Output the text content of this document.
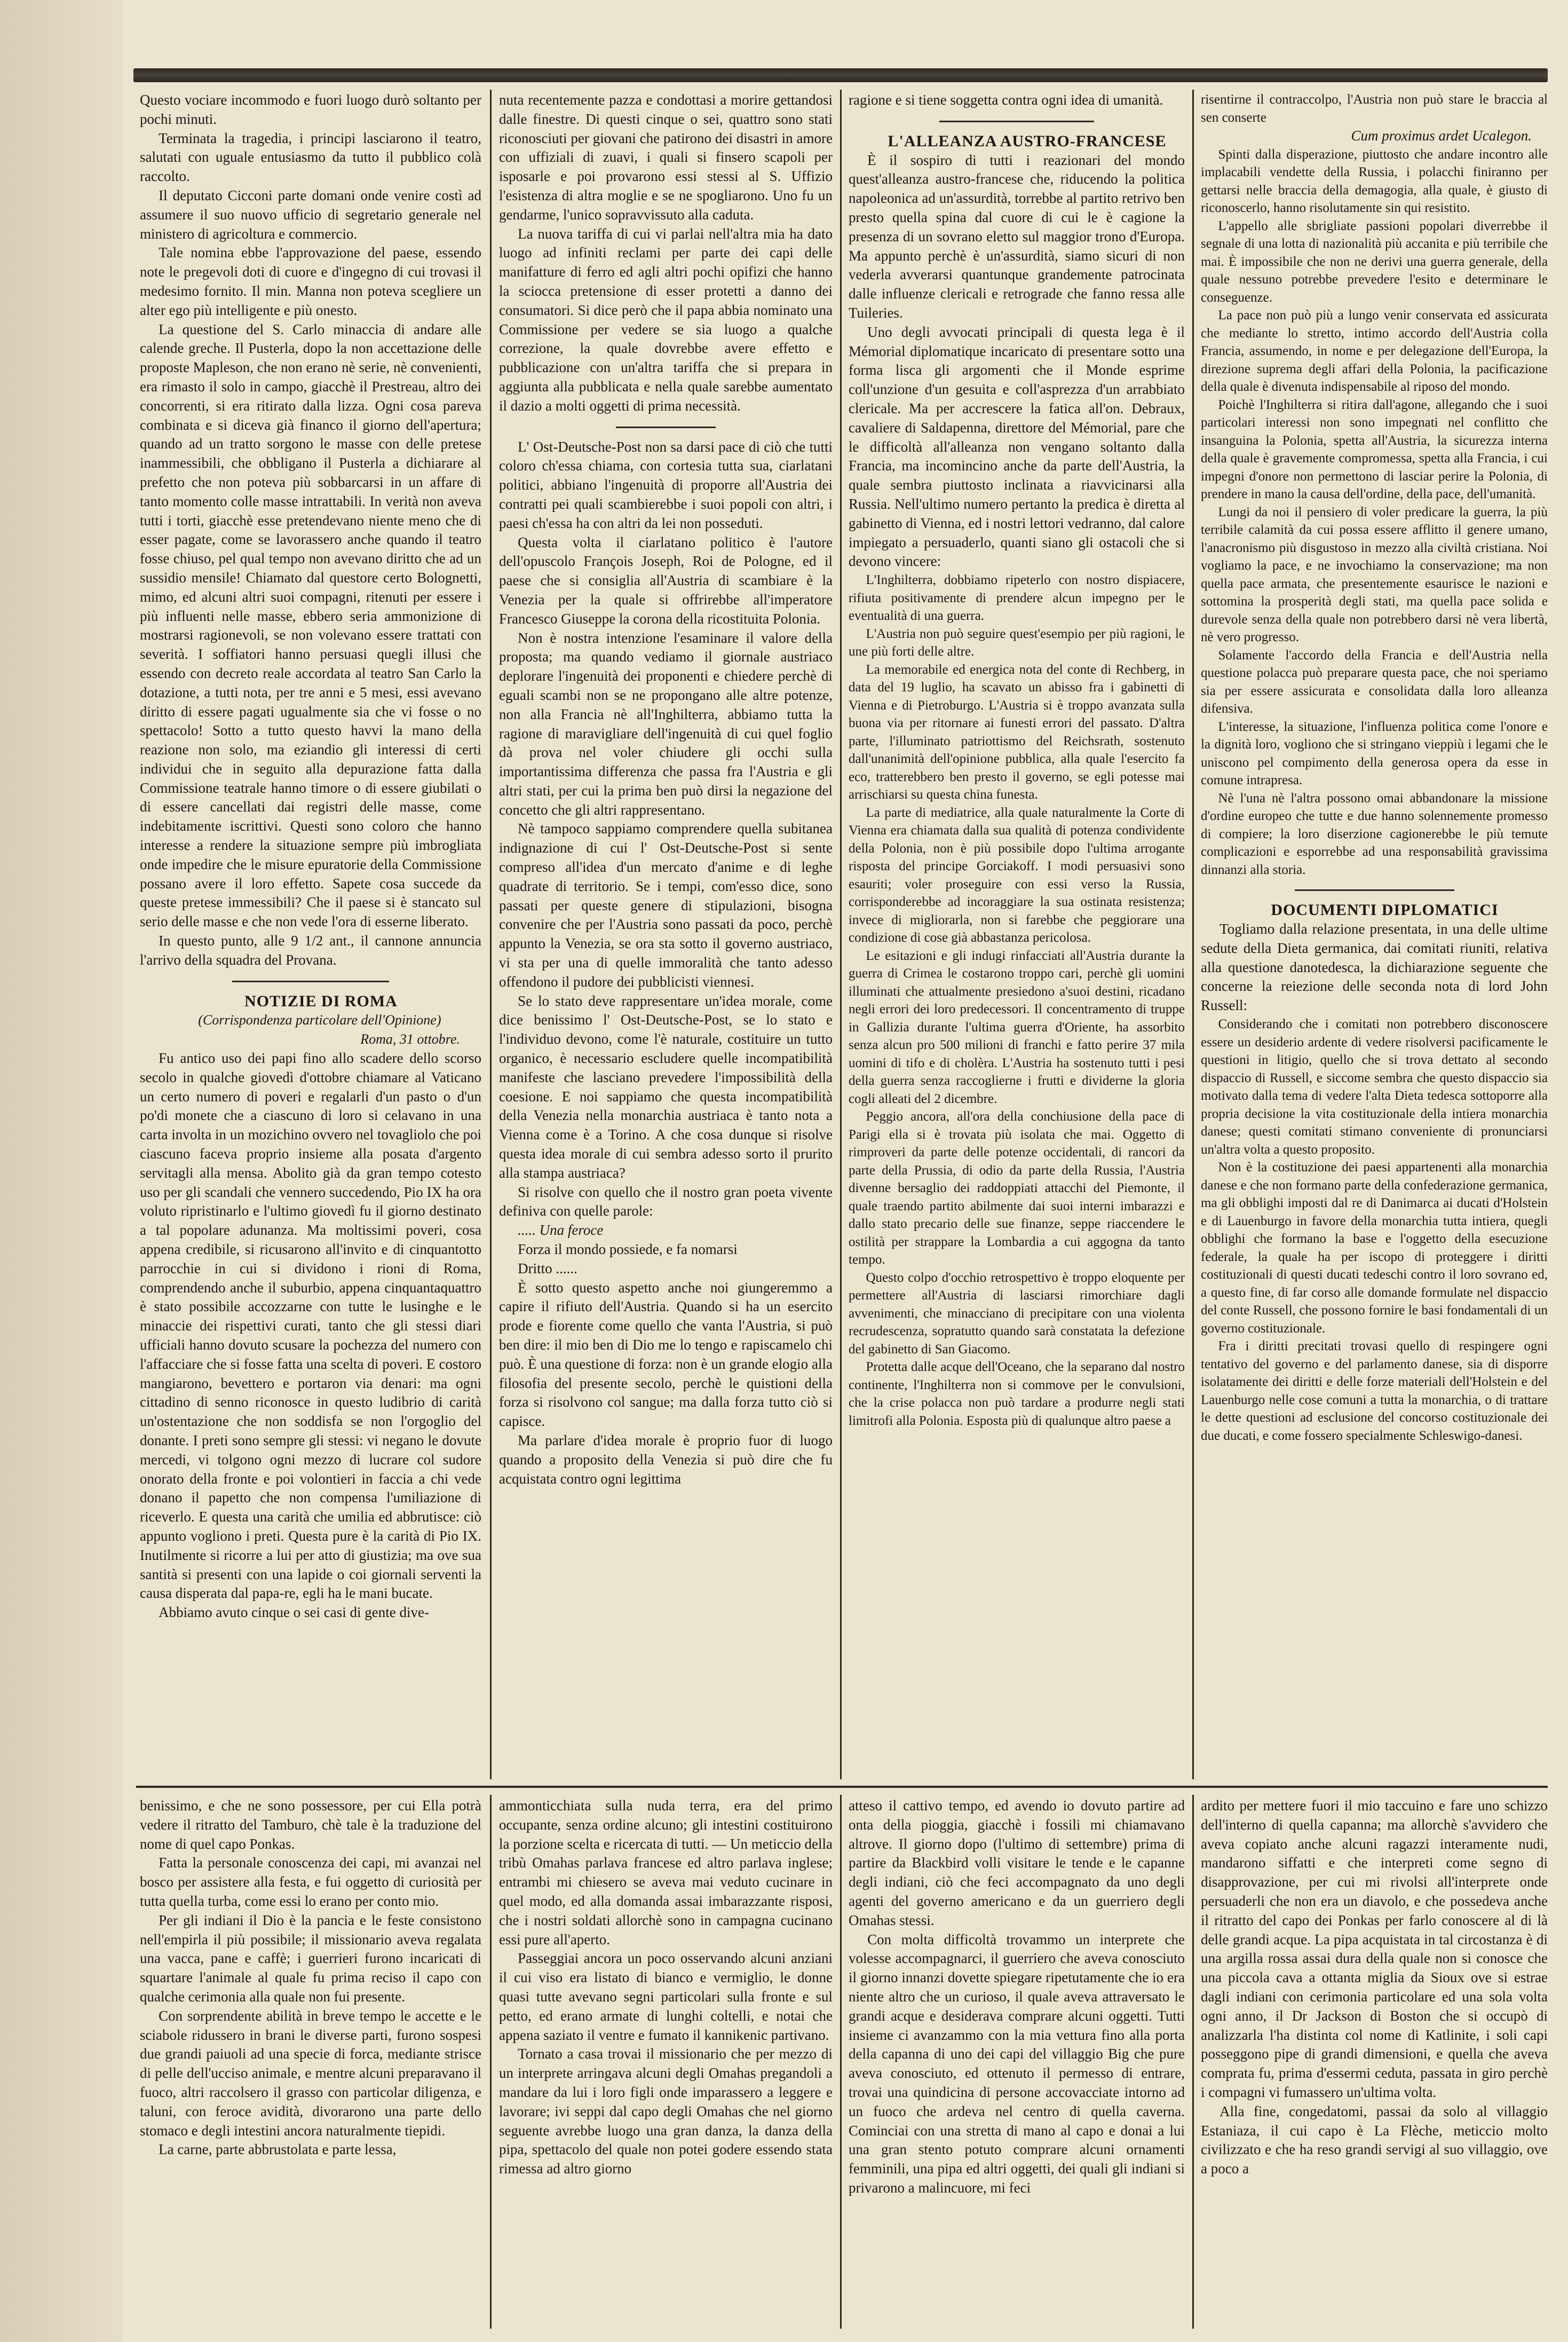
Questo vociare incommodo e fuori luogo durò soltanto per pochi minuti.

Terminata la tragedia, i principi lasciarono il teatro, salutati con uguale entusiasmo da tutto il pubblico colà raccolto.

Il deputato Cicconi parte domani onde venire costì ad assumere il suo nuovo ufficio di segretario generale nel ministero di agricoltura e commercio.

Tale nomina ebbe l'approvazione del paese, essendo note le pregevoli doti di cuore e d'ingegno di cui trovasi il medesimo fornito. Il min. Manna non poteva scegliere un alter ego più intelligente e più onesto.

La questione del S. Carlo minaccia di andare alle calende greche. Il Pusterla, dopo la non accettazione delle proposte Mapleson, che non erano nè serie, nè convenienti, era rimasto il solo in campo, giacchè il Prestreau, altro dei concorrenti, si era ritirato dalla lizza. Ogni cosa pareva combinata e si diceva già financo il giorno dell'apertura; quando ad un tratto sorgono le masse con delle pretese inammessibili, che obbligano il Pusterla a dichiarare al prefetto che non poteva più sobbarcarsi in un affare di tanto momento colle masse intrattabili. In verità non aveva tutti i torti, giacchè esse pretendevano niente meno che di esser pagate, come se lavorassero anche quando il teatro fosse chiuso, pel qual tempo non avevano diritto che ad un sussidio mensile! Chiamato dal questore certo Bolognetti, mimo, ed alcuni altri suoi compagni, ritenuti per essere i più influenti nelle masse, ebbero seria ammonizione di mostrarsi ragionevoli, se non volevano essere trattati con severità. I soffiatori hanno persuasi quegli illusi che essendo con decreto reale accordata al teatro San Carlo la dotazione, a tutti nota, per tre anni e 5 mesi, essi avevano diritto di essere pagati ugualmente sia che vi fosse o no spettacolo! Sotto a tutto questo havvi la mano della reazione non solo, ma eziandio gli interessi di certi individui che in seguito alla depurazione fatta dalla Commissione teatrale hanno timore o di essere giubilati o di essere cancellati dai registri delle masse, come indebitamente iscrittivi. Questi sono coloro che hanno interesse a rendere la situazione sempre più imbrogliata onde impedire che le misure epuratorie della Commissione possano avere il loro effetto. Sapete cosa succede da queste pretese immessibili? Che il paese si è stancato sul serio delle masse e che non vede l'ora di esserne liberato.

In questo punto, alle 9 1/2 ant., il cannone annuncia l'arrivo della squadra del Provana.

NOTIZIE DI ROMA

(Corrispondenza particolare dell'Opinione)

Roma, 31 ottobre.

Fu antico uso dei papi fino allo scadere dello scorso secolo in qualche giovedì d'ottobre chiamare al Vaticano un certo numero di poveri e regalarli d'un pasto o d'un po'di monete che a ciascuno di loro si celavano in una carta involta in un mozichino ovvero nel tovagliolo che poi ciascuno faceva proprio insieme alla posata d'argento servitagli alla mensa. Abolito già da gran tempo cotesto uso per gli scandali che vennero succedendo, Pio IX ha ora voluto ripristinarlo e l'ultimo giovedì fu il giorno destinato a tal popolare adunanza. Ma moltissimi poveri, cosa appena credibile, si ricusarono all'invito e di cinquantotto parrocchie in cui si dividono i rioni di Roma, comprendendo anche il suburbio, appena cinquantaquattro è stato possibile accozzarne con tutte le lusinghe e le minaccie dei rispettivi curati, tanto che gli stessi diari ufficiali hanno dovuto scusare la pochezza del numero con l'affacciare che si fosse fatta una scelta di poveri. E costoro mangiarono, bevettero e portaron via denari: ma ogni cittadino di senno riconosce in questo ludibrio di carità un'ostentazione che non soddisfa se non l'orgoglio del donante. I preti sono sempre gli stessi: vi negano le dovute mercedi, vi tolgono ogni mezzo di lucrare col sudore onorato della fronte e poi volontieri in faccia a chi vede donano il papetto che non compensa l'umiliazione di riceverlo. E questa una carità che umilia ed abbrutisce: ciò appunto vogliono i preti. Questa pure è la carità di Pio IX. Inutilmente si ricorre a lui per atto di giustizia; ma ove sua santità si presenti con una lapide o coi giornali serventi la causa disperata dal papa-re, egli ha le mani bucate.

Abbiamo avuto cinque o sei casi di gente dive-

nuta recentemente pazza e condottasi a morire gettandosi dalle finestre. Di questi cinque o sei, quattro sono stati riconosciuti per giovani che patirono dei disastri in amore con uffiziali di zuavi, i quali si finsero scapoli per isposarle e poi provarono essi stessi al S. Uffizio l'esistenza di altra moglie e se ne spogliarono. Uno fu un gendarme, l'unico sopravvissuto alla caduta.

La nuova tariffa di cui vi parlai nell'altra mia ha dato luogo ad infiniti reclami per parte dei capi delle manifatture di ferro ed agli altri pochi opifizi che hanno la sciocca pretensione di esser protetti a danno dei consumatori. Si dice però che il papa abbia nominato una Commissione per vedere se sia luogo a qualche correzione, la quale dovrebbe avere effetto e pubblicazione con un'altra tariffa che si prepara in aggiunta alla pubblicata e nella quale sarebbe aumentato il dazio a molti oggetti di prima necessità.

L' Ost-Deutsche-Post non sa darsi pace di ciò che tutti coloro ch'essa chiama, con cortesia tutta sua, ciarlatani politici, abbiano l'ingenuità di proporre all'Austria dei contratti pei quali scambierebbe i suoi popoli con altri, i paesi ch'essa ha con altri da lei non posseduti.

Questa volta il ciarlatano politico è l'autore dell'opuscolo François Joseph, Roi de Pologne, ed il paese che si consiglia all'Austria di scambiare è la Venezia per la quale si offrirebbe all'imperatore Francesco Giuseppe la corona della ricostituita Polonia.

Non è nostra intenzione l'esaminare il valore della proposta; ma quando vediamo il giornale austriaco deplorare l'ingenuità dei proponenti e chiedere perchè di eguali scambi non se ne propongano alle altre potenze, non alla Francia nè all'Inghilterra, abbiamo tutta la ragione di maravigliare dell'ingenuità di cui quel foglio dà prova nel voler chiudere gli occhi sulla importantissima differenza che passa fra l'Austria e gli altri stati, per cui la prima ben può dirsi la negazione del concetto che gli altri rappresentano.

Nè tampoco sappiamo comprendere quella subitanea indignazione di cui l' Ost-Deutsche-Post si sente compreso all'idea d'un mercato d'anime e di leghe quadrate di territorio. Se i tempi, com'esso dice, sono passati per queste genere di stipulazioni, bisogna convenire che per l'Austria sono passati da poco, perchè appunto la Venezia, se ora sta sotto il governo austriaco, vi sta per una di quelle immoralità che tanto adesso offendono il pudore dei pubblicisti viennesi.

Se lo stato deve rappresentare un'idea morale, come dice benissimo l' Ost-Deutsche-Post, se lo stato e l'individuo devono, come l'è naturale, costituire un tutto organico, è necessario escludere quelle incompatibilità manifeste che lasciano prevedere l'impossibilità della coesione. E noi sappiamo che questa incompatibilità della Venezia nella monarchia austriaca è tanto nota a Vienna come è a Torino. A che cosa dunque si risolve questa idea morale di cui sembra adesso sorto il prurito alla stampa austriaca?

Si risolve con quello che il nostro gran poeta vivente definiva con quelle parole:

..... Una feroce

Forza il mondo possiede, e fa nomarsi

Dritto ......

È sotto questo aspetto anche noi giungeremmo a capire il rifiuto dell'Austria. Quando si ha un esercito prode e fiorente come quello che vanta l'Austria, si può ben dire: il mio ben di Dio me lo tengo e rapiscamelo chi può. È una questione di forza: non è un grande elogio alla filosofia del presente secolo, perchè le quistioni della forza si risolvono col sangue; ma dalla forza tutto ciò si capisce.

Ma parlare d'idea morale è proprio fuor di luogo quando a proposito della Venezia si può dire che fu acquistata contro ogni legittima

ragione e si tiene soggetta contra ogni idea di umanità.

L'ALLEANZA AUSTRO-FRANCESE

È il sospiro di tutti i reazionari del mondo quest'alleanza austro-francese che, riducendo la politica napoleonica ad un'assurdità, torrebbe al partito retrivo ben presto quella spina dal cuore di cui le è cagione la presenza di un sovrano eletto sul maggior trono d'Europa. Ma appunto perchè è un'assurdità, siamo sicuri di non vederla avverarsi quantunque grandemente patrocinata dalle influenze clericali e retrograde che fanno ressa alle Tuileries.

Uno degli avvocati principali di questa lega è il Mémorial diplomatique incaricato di presentare sotto una forma lisca gli argomenti che il Monde esprime coll'unzione d'un gesuita e coll'asprezza d'un arrabbiato clericale. Ma per accrescere la fatica all'on. Debraux, cavaliere di Saldapenna, direttore del Mémorial, pare che le difficoltà all'alleanza non vengano soltanto dalla Francia, ma incomincino anche da parte dell'Austria, la quale sembra piuttosto inclinata a riavvicinarsi alla Russia. Nell'ultimo numero pertanto la predica è diretta al gabinetto di Vienna, ed i nostri lettori vedranno, dal calore impiegato a persuaderlo, quanti siano gli ostacoli che si devono vincere:

L'Inghilterra, dobbiamo ripeterlo con nostro dispiacere, rifiuta positivamente di prendere alcun impegno per le eventualità di una guerra.

L'Austria non può seguire quest'esempio per più ragioni, le une più forti delle altre.

La memorabile ed energica nota del conte di Rechberg, in data del 19 luglio, ha scavato un abisso fra i gabinetti di Vienna e di Pietroburgo. L'Austria si è troppo avanzata sulla buona via per ritornare ai funesti errori del passato. D'altra parte, l'illuminato patriottismo del Reichsrath, sostenuto dall'unanimità dell'opinione pubblica, alla quale l'esercito fa eco, tratterebbero ben presto il governo, se egli potesse mai arrischiarsi su questa china funesta.

La parte di mediatrice, alla quale naturalmente la Corte di Vienna era chiamata dalla sua qualità di potenza condividente della Polonia, non è più possibile dopo l'ultima arrogante risposta del principe Gorciakoff. I modi persuasivi sono esauriti; voler proseguire con essi verso la Russia, corrisponderebbe ad incoraggiare la sua ostinata resistenza; invece di migliorarla, non si farebbe che peggiorare una condizione di cose già abbastanza pericolosa.

Le esitazioni e gli indugi rinfacciati all'Austria durante la guerra di Crimea le costarono troppo cari, perchè gli uomini illuminati che attualmente presiedono a'suoi destini, ricadano negli errori dei loro predecessori. Il concentramento di truppe in Gallizia durante l'ultima guerra d'Oriente, ha assorbito senza alcun pro 500 milioni di franchi e fatto perire 37 mila uomini di tifo e di cholèra. L'Austria ha sostenuto tutti i pesi della guerra senza raccoglierne i frutti e dividerne la gloria cogli alleati del 2 dicembre.

Peggio ancora, all'ora della conchiusione della pace di Parigi ella si è trovata più isolata che mai. Oggetto di rimproveri da parte delle potenze occidentali, di rancori da parte della Prussia, di odio da parte della Russia, l'Austria divenne bersaglio dei raddoppiati attacchi del Piemonte, il quale traendo partito abilmente dai suoi interni imbarazzi e dallo stato precario delle sue finanze, seppe riaccendere le ostilità per strappare la Lombardia a cui aggogna da tanto tempo.

Questo colpo d'occhio retrospettivo è troppo eloquente per permettere all'Austria di lasciarsi rimorchiare dagli avvenimenti, che minacciano di precipitare con una violenta recrudescenza, sopratutto quando sarà constatata la defezione del gabinetto di San Giacomo.

Protetta dalle acque dell'Oceano, che la separano dal nostro continente, l'Inghilterra non si commove per le convulsioni, che la crise polacca non può tardare a produrre negli stati limitrofi alla Polonia. Esposta più di qualunque altro paese a

risentirne il contraccolpo, l'Austria non può stare le braccia al sen conserte

Cum proximus ardet Ucalegon.

Spinti dalla disperazione, piuttosto che andare incontro alle implacabili vendette della Russia, i polacchi finiranno per gettarsi nelle braccia della demagogia, alla quale, è giusto di riconoscerlo, hanno risolutamente sin qui resistito.

L'appello alle sbrigliate passioni popolari diverrebbe il segnale di una lotta di nazionalità più accanita e più terribile che mai. È impossibile che non ne derivi una guerra generale, della quale nessuno potrebbe prevedere l'esito e determinare le conseguenze.

La pace non può più a lungo venir conservata ed assicurata che mediante lo stretto, intimo accordo dell'Austria colla Francia, assumendo, in nome e per delegazione dell'Europa, la direzione suprema degli affari della Polonia, la pacificazione della quale è divenuta indispensabile al riposo del mondo.

Poichè l'Inghilterra si ritira dall'agone, allegando che i suoi particolari interessi non sono impegnati nel conflitto che insanguina la Polonia, spetta all'Austria, la sicurezza interna della quale è gravemente compromessa, spetta alla Francia, i cui impegni d'onore non permettono di lasciar perire la Polonia, di prendere in mano la causa dell'ordine, della pace, dell'umanità.

Lungi da noi il pensiero di voler predicare la guerra, la più terribile calamità da cui possa essere afflitto il genere umano, l'anacronismo più disgustoso in mezzo alla civiltà cristiana. Noi vogliamo la pace, e ne invochiamo la conservazione; ma non quella pace armata, che presentemente esaurisce le nazioni e sottomina la prosperità degli stati, ma quella pace solida e durevole senza della quale non potrebbero darsi nè vera libertà, nè vero progresso.

Solamente l'accordo della Francia e dell'Austria nella questione polacca può preparare questa pace, che noi speriamo sia per essere assicurata e consolidata dalla loro alleanza difensiva.

L'interesse, la situazione, l'influenza politica come l'onore e la dignità loro, vogliono che si stringano vieppiù i legami che le uniscono pel compimento della generosa opera da esse in comune intrapresa.

Nè l'una nè l'altra possono omai abbandonare la missione d'ordine europeo che tutte e due hanno solennemente promesso di compiere; la loro diserzione cagionerebbe le più temute complicazioni e esporrebbe ad una responsabilità gravissima dinnanzi alla storia.

DOCUMENTI DIPLOMATICI

Togliamo dalla relazione presentata, in una delle ultime sedute della Dieta germanica, dai comitati riuniti, relativa alla questione danotedesca, la dichiarazione seguente che concerne la reiezione delle seconda nota di lord John Russell:

Considerando che i comitati non potrebbero disconoscere essere un desiderio ardente di vedere risolversi pacificamente le questioni in litigio, quello che si trova dettato al secondo dispaccio di Russell, e siccome sembra che questo dispaccio sia motivato dalla tema di vedere l'alta Dieta tedesca sottoporre alla propria decisione la vita costituzionale della intiera monarchia danese; questi comitati stimano conveniente di pronunciarsi un'altra volta a questo proposito.

Non è la costituzione dei paesi appartenenti alla monarchia danese e che non formano parte della confederazione germanica, ma gli obblighi imposti dal re di Danimarca ai ducati d'Holstein e di Lauenburgo in favore della monarchia tutta intiera, quegli obblighi che formano la base e l'oggetto della esecuzione federale, la quale ha per iscopo di proteggere i diritti costituzionali di questi ducati tedeschi contro il loro sovrano ed, a questo fine, di far corso alle domande formulate nel dispaccio del conte Russell, che possono fornire le basi fondamentali di un governo costituzionale.

Fra i diritti precitati trovasi quello di respingere ogni tentativo del governo e del parlamento danese, sia di disporre isolatamente dei diritti e delle forze materiali dell'Holstein e del Lauenburgo nelle cose comuni a tutta la monarchia, o di trattare le dette questioni ad esclusione del concorso costituzionale dei due ducati, e come fossero specialmente Schleswigo-danesi.

benissimo, e che ne sono possessore, per cui Ella potrà vedere il ritratto del Tamburo, chè tale è la traduzione del nome di quel capo Ponkas.

Fatta la personale conoscenza dei capi, mi avanzai nel bosco per assistere alla festa, e fui oggetto di curiosità per tutta quella turba, come essi lo erano per conto mio.

Per gli indiani il Dio è la pancia e le feste consistono nell'empirla il più possibile; il missionario aveva regalata una vacca, pane e caffè; i guerrieri furono incaricati di squartare l'animale al quale fu prima reciso il capo con qualche cerimonia alla quale non fui presente.

Con sorprendente abilità in breve tempo le accette e le sciabole ridussero in brani le diverse parti, furono sospesi due grandi paiuoli ad una specie di forca, mediante strisce di pelle dell'ucciso animale, e mentre alcuni preparavano il fuoco, altri raccolsero il grasso con particolar diligenza, e taluni, con feroce avidità, divorarono una parte dello stomaco e degli intestini ancora naturalmente tiepidi.

La carne, parte abbrustolata e parte lessa,

ammonticchiata sulla nuda terra, era del primo occupante, senza ordine alcuno; gli intestini costituirono la porzione scelta e ricercata di tutti. — Un meticcio della tribù Omahas parlava francese ed altro parlava inglese; entrambi mi chiesero se aveva mai veduto cucinare in quel modo, ed alla domanda assai imbarazzante risposi, che i nostri soldati allorchè sono in campagna cucinano essi pure all'aperto.

Passeggiai ancora un poco osservando alcuni anziani il cui viso era listato di bianco e vermiglio, le donne quasi tutte avevano segni particolari sulla fronte e sul petto, ed erano armate di lunghi coltelli, e notai che appena saziato il ventre e fumato il kannikenic partivano.

Tornato a casa trovai il missionario che per mezzo di un interprete arringava alcuni degli Omahas pregandoli a mandare da lui i loro figli onde imparassero a leggere e lavorare; ivi seppi dal capo degli Omahas che nel giorno seguente avrebbe luogo una gran danza, la danza della pipa, spettacolo del quale non potei godere essendo stata rimessa ad altro giorno

atteso il cattivo tempo, ed avendo io dovuto partire ad onta della pioggia, giacchè i fossili mi chiamavano altrove. Il giorno dopo (l'ultimo di settembre) prima di partire da Blackbird volli visitare le tende e le capanne degli indiani, ciò che feci accompagnato da uno degli agenti del governo americano e da un guerriero degli Omahas stessi.

Con molta difficoltà trovammo un interprete che volesse accompagnarci, il guerriero che aveva conosciuto il giorno innanzi dovette spiegare ripetutamente che io era niente altro che un curioso, il quale aveva attraversato le grandi acque e desiderava comprare alcuni oggetti. Tutti insieme ci avanzammo con la mia vettura fino alla porta della capanna di uno dei capi del villaggio Big che pure aveva conosciuto, ed ottenuto il permesso di entrare, trovai una quindicina di persone accovacciate intorno ad un fuoco che ardeva nel centro di quella caverna. Cominciai con una stretta di mano al capo e donai a lui una gran stento potuto comprare alcuni ornamenti femminili, una pipa ed altri oggetti, dei quali gli indiani si privarono a malincuore, mi feci

ardito per mettere fuori il mio taccuino e fare uno schizzo dell'interno di quella capanna; ma allorchè s'avvidero che aveva copiato anche alcuni ragazzi interamente nudi, mandarono siffatti e che interpreti come segno di disapprovazione, per cui mi rivolsi all'interprete onde persuaderli che non era un diavolo, e che possedeva anche il ritratto del capo dei Ponkas per farlo conoscere al di là delle grandi acque. La pipa acquistata in tal circostanza è di una argilla rossa assai dura della quale non si conosce che una piccola cava a ottanta miglia da Sioux ove si estrae dagli indiani con cerimonia particolare ed una sola volta ogni anno, il Dr Jackson di Boston che si occupò di analizzarla l'ha distinta col nome di Katlinite, i soli capi posseggono pipe di grandi dimensioni, e quella che aveva comprata fu, prima d'essermi ceduta, passata in giro perchè i compagni vi fumassero un'ultima volta.

Alla fine, congedatomi, passai da solo al villaggio Estaniaza, il cui capo è La Flèche, meticcio molto civilizzato e che ha reso grandi servigi al suo villaggio, ove a poco a
